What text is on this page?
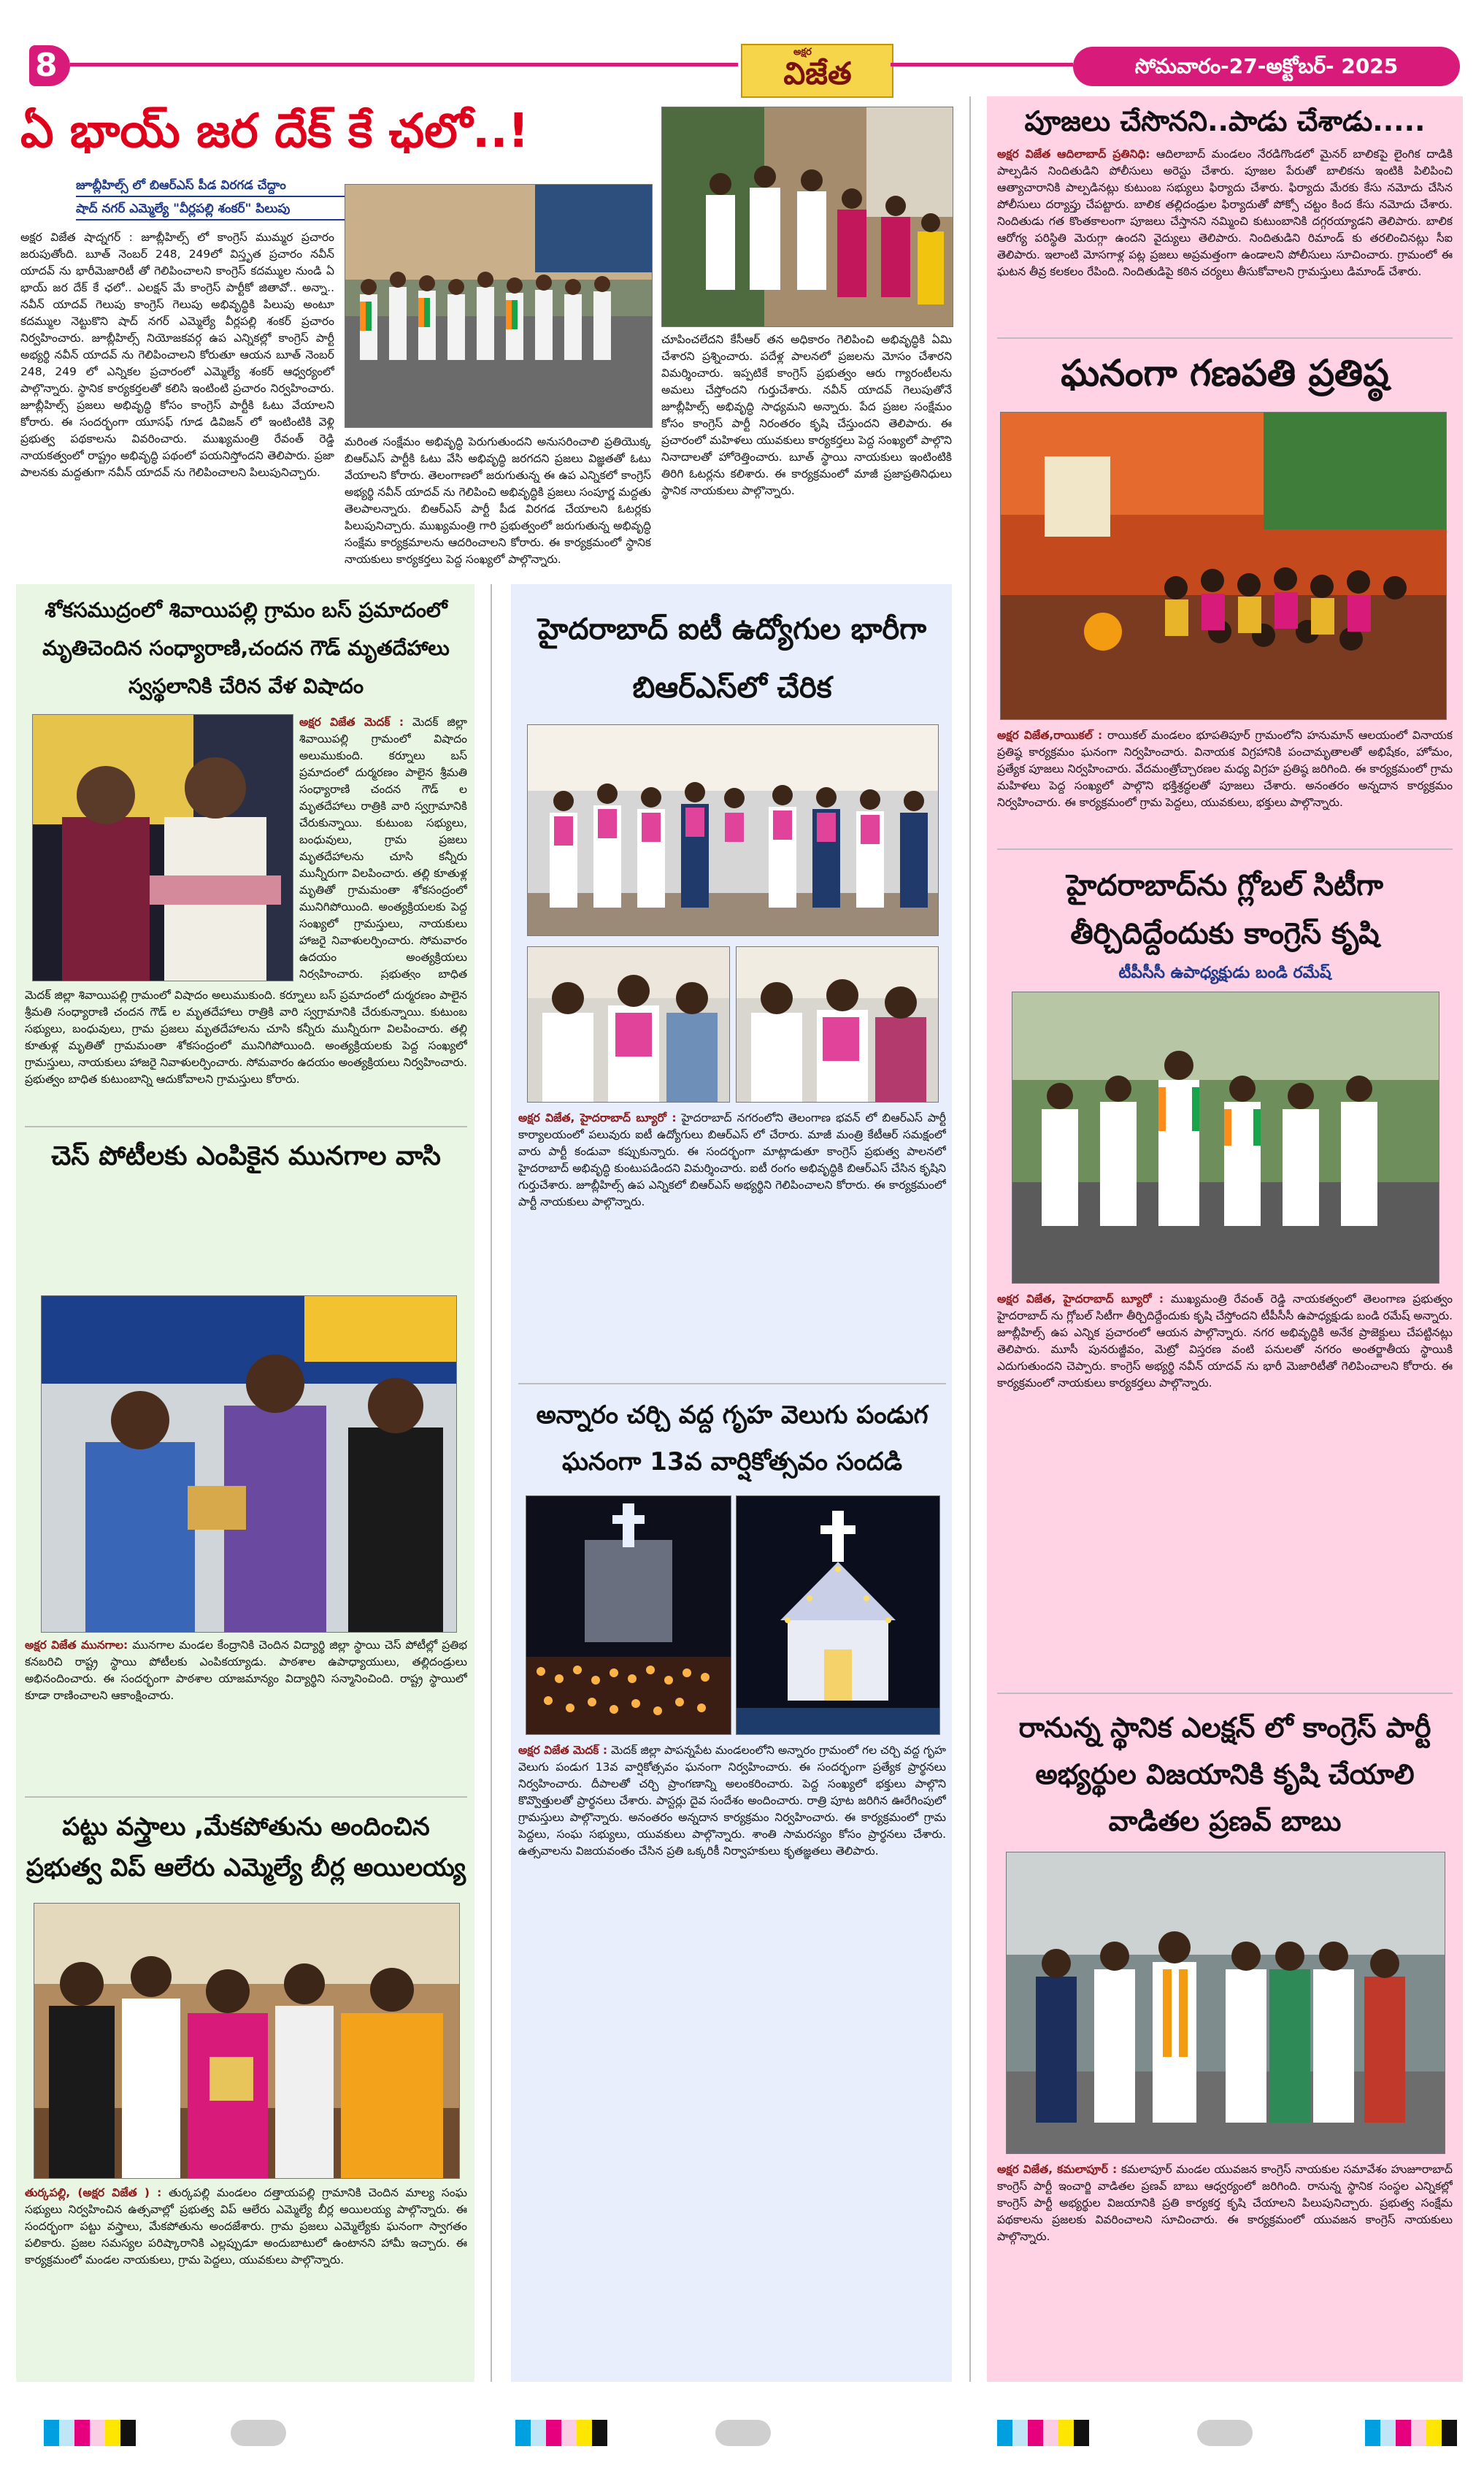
8	అక్షర
విజేత	సోమవారం-27-అక్టోబర్- 2025
ఏ భాయ్ జర దేక్ కే ఛలో..!
జూబ్లీహిల్స్ లో బిఆర్ఎస్ పీడ విరగడ చేద్దాం
షాద్ నగర్ ఎమ్మెల్యే "వీర్లపల్లి శంకర్" పిలుపు
అక్షర విజేత షాద్నగర్ : జూబ్లీహిల్స్ లో కాంగ్రెస్ ముమ్మర ప్రచారం జరుపుతోంది. బూత్ నెంబర్ 248, 249లో విస్తృత ప్రచారం నవీన్ యాదవ్ ను భారీమెజారిటీ తో గెలిపించాలని కాంగ్రెస్ కదమ్ముల నుండి ఏ భాయ్ జర దేక్ కే ఛలో.. ఎలక్షన్ మే కాంగ్రెస్ పార్టీకో జితావో.. అన్నా.. నవీన్ యాదవ్ గెలుపు కాంగ్రెస్ గెలుపు అభివృద్ధికి పిలుపు అంటూ కదమ్ముల నెట్టుకొని షాద్ నగర్ ఎమ్మెల్యే వీర్లపల్లి శంకర్ ప్రచారం నిర్వహించారు. జూబ్లీహిల్స్ నియోజకవర్గ ఉప ఎన్నికల్లో కాంగ్రెస్ పార్టీ అభ్యర్థి నవీన్ యాదవ్ ను గెలిపించాలని కోరుతూ ఆయన బూత్ నెంబర్ 248, 249 లో ఎన్నికల ప్రచారంలో ఎమ్మెల్యే శంకర్ ఆధ్వర్యంలో పాల్గొన్నారు. స్థానిక కార్యకర్తలతో కలిసి ఇంటింటి ప్రచారం నిర్వహించారు. జూబ్లీహిల్స్ ప్రజలు అభివృద్ధి కోసం కాంగ్రెస్ పార్టీకి ఓటు వేయాలని కోరారు. ఈ సందర్భంగా యూసఫ్ గూడ డివిజన్ లో ఇంటింటికి వెళ్లి ప్రభుత్వ పథకాలను వివరించారు. ముఖ్యమంత్రి రేవంత్ రెడ్డి నాయకత్వంలో రాష్ట్రం అభివృద్ధి పథంలో పయనిస్తోందని తెలిపారు. ప్రజా పాలనకు మద్దతుగా నవీన్ యాదవ్ ను గెలిపించాలని పిలుపునిచ్చారు.
మరింత సంక్షేమం అభివృద్ధి పెరుగుతుందని అనుసరించాలి ప్రతియొక్క బిఆర్ఎస్ పార్టీకి ఓటు వేసి అభివృద్ధి జరగదని ప్రజలు విజ్ఞతతో ఓటు వేయాలని కోరారు. తెలంగాణలో జరుగుతున్న ఈ ఉప ఎన్నికలో కాంగ్రెస్ అభ్యర్థి నవీన్ యాదవ్ ను గెలిపించి అభివృద్ధికి ప్రజలు సంపూర్ణ మద్దతు తెలపాలన్నారు. బిఆర్ఎస్ పార్టీ పీడ విరగడ చేయాలని ఓటర్లకు పిలుపునిచ్చారు. ముఖ్యమంత్రి గారి ప్రభుత్వంలో జరుగుతున్న అభివృద్ధి సంక్షేమ కార్యక్రమాలను ఆదరించాలని కోరారు. ఈ కార్యక్రమంలో స్థానిక నాయకులు కార్యకర్తలు పెద్ద సంఖ్యలో పాల్గొన్నారు.
చూపించలేదని కేసీఆర్ తన అధికారం గెలిపించి అభివృద్ధికి ఏమి చేశారని ప్రశ్నించారు. పదేళ్ల పాలనలో ప్రజలను మోసం చేశారని విమర్శించారు. ఇప్పటికే కాంగ్రెస్ ప్రభుత్వం ఆరు గ్యారంటీలను అమలు చేస్తోందని గుర్తుచేశారు. నవీన్ యాదవ్ గెలుపుతోనే జూబ్లీహిల్స్ అభివృద్ధి సాధ్యమని అన్నారు. పేద ప్రజల సంక్షేమం కోసం కాంగ్రెస్ పార్టీ నిరంతరం కృషి చేస్తుందని తెలిపారు. ఈ ప్రచారంలో మహిళలు యువకులు కార్యకర్తలు పెద్ద సంఖ్యలో పాల్గొని నినాదాలతో హోరెత్తించారు. బూత్ స్థాయి నాయకులు ఇంటింటికి తిరిగి ఓటర్లను కలిశారు. ఈ కార్యక్రమంలో మాజీ ప్రజాప్రతినిధులు స్థానిక నాయకులు పాల్గొన్నారు.
పూజలు చేసొనని..పాడు చేశాడు.....
అక్షర విజేత ఆదిలాబాద్ ప్రతినిధి: ఆదిలాబాద్ మండలం నేరడిగొండలో మైనర్ బాలికపై లైంగిక దాడికి పాల్పడిన నిందితుడిని పోలీసులు అరెస్టు చేశారు. పూజల పేరుతో బాలికను ఇంటికి పిలిపించి ఆత్యాచారానికి పాల్పడినట్లు కుటుంబ సభ్యులు ఫిర్యాదు చేశారు. ఫిర్యాదు మేరకు కేసు నమోదు చేసిన పోలీసులు దర్యాప్తు చేపట్టారు. బాలిక తల్లిదండ్రుల ఫిర్యాదుతో పోక్సో చట్టం కింద కేసు నమోదు చేశారు. నిందితుడు గత కొంతకాలంగా పూజలు చేస్తానని నమ్మించి కుటుంబానికి దగ్గరయ్యాడని తెలిపారు. బాలిక ఆరోగ్య పరిస్థితి మెరుగ్గా ఉందని వైద్యులు తెలిపారు. నిందితుడిని రిమాండ్ కు తరలించినట్లు సీఐ తెలిపారు. ఇలాంటి మోసగాళ్ల పట్ల ప్రజలు అప్రమత్తంగా ఉండాలని పోలీసులు సూచించారు. గ్రామంలో ఈ ఘటన తీవ్ర కలకలం రేపింది. నిందితుడిపై కఠిన చర్యలు తీసుకోవాలని గ్రామస్తులు డిమాండ్ చేశారు.
ఘనంగా గణపతి ప్రతిష్ఠ
అక్షర విజేత,రాయికల్ : రాయికల్ మండలం భూపతిపూర్ గ్రామంలోని హనుమాన్ ఆలయంలో వినాయక ప్రతిష్ఠ కార్యక్రమం ఘనంగా నిర్వహించారు. వినాయక విగ్రహానికి పంచామృతాలతో అభిషేకం, హోమం, ప్రత్యేక పూజలు నిర్వహించారు. వేదమంత్రోచ్చారణల మధ్య విగ్రహ ప్రతిష్ఠ జరిగింది. ఈ కార్యక్రమంలో గ్రామ మహిళలు పెద్ద సంఖ్యలో పాల్గొని భక్తిశ్రద్ధలతో పూజలు చేశారు. అనంతరం అన్నదాన కార్యక్రమం నిర్వహించారు. ఈ కార్యక్రమంలో గ్రామ పెద్దలు, యువకులు, భక్తులు పాల్గొన్నారు.
హైదరాబాద్‌ను గ్లోబల్ సిటీగా తీర్చిదిద్దేందుకు కాంగ్రెస్ కృషి
టీపీసీసీ ఉపాధ్యక్షుడు బండి రమేష్
అక్షర విజేత, హైదరాబాద్ బ్యూరో : ముఖ్యమంత్రి రేవంత్ రెడ్డి నాయకత్వంలో తెలంగాణ ప్రభుత్వం హైదరాబాద్ ను గ్లోబల్ సిటీగా తీర్చిదిద్దేందుకు కృషి చేస్తోందని టీపీసీసీ ఉపాధ్యక్షుడు బండి రమేష్ అన్నారు. జూబ్లీహిల్స్ ఉప ఎన్నిక ప్రచారంలో ఆయన పాల్గొన్నారు. నగర అభివృద్ధికి అనేక ప్రాజెక్టులు చేపట్టినట్లు తెలిపారు. మూసీ పునరుజ్జీవం, మెట్రో విస్తరణ వంటి పనులతో నగరం అంతర్జాతీయ స్థాయికి ఎదుగుతుందని చెప్పారు. కాంగ్రెస్ అభ్యర్థి నవీన్ యాదవ్ ను భారీ మెజారిటీతో గెలిపించాలని కోరారు. ఈ కార్యక్రమంలో నాయకులు కార్యకర్తలు పాల్గొన్నారు.
రానున్న స్థానిక ఎలక్షన్ లో కాంగ్రెస్ పార్టీ అభ్యర్థుల విజయానికి కృషి చేయాలి
వాడితల ప్రణవ్ బాబు
అక్షర విజేత, కమలాపూర్ : కమలాపూర్ మండల యువజన కాంగ్రెస్ నాయకుల సమావేశం హుజూరాబాద్ కాంగ్రెస్ పార్టీ ఇంచార్జి వాడితల ప్రణవ్ బాబు ఆధ్వర్యంలో జరిగింది. రానున్న స్థానిక సంస్థల ఎన్నికల్లో కాంగ్రెస్ పార్టీ అభ్యర్థుల విజయానికి ప్రతి కార్యకర్త కృషి చేయాలని పిలుపునిచ్చారు. ప్రభుత్వ సంక్షేమ పథకాలను ప్రజలకు వివరించాలని సూచించారు. ఈ కార్యక్రమంలో యువజన కాంగ్రెస్ నాయకులు పాల్గొన్నారు.
శోకసముద్రంలో శివాయిపల్లి గ్రామం బస్ ప్రమాదంలో మృతిచెందిన సంధ్యారాణి,చందన గౌడ్ మృతదేహాలు స్వస్థలానికి చేరిన వేళ విషాదం
అక్షర విజేత మెదక్ : మెదక్ జిల్లా శివాయిపల్లి గ్రామంలో విషాదం అలుముకుంది. కర్నూలు బస్ ప్రమాదంలో దుర్మరణం పాలైన శ్రీమతి సంధ్యారాణి చందన గౌడ్ ల మృతదేహాలు రాత్రికి వారి స్వగ్రామానికి చేరుకున్నాయి. కుటుంబ సభ్యులు, బంధువులు, గ్రామ ప్రజలు మృతదేహాలను చూసి కన్నీరు మున్నీరుగా విలపించారు. తల్లి కూతుళ్ల మృతితో గ్రామమంతా శోకసంద్రంలో మునిగిపోయింది. అంత్యక్రియలకు పెద్ద సంఖ్యలో గ్రామస్తులు, నాయకులు హాజరై నివాళులర్పించారు. సోమవారం ఉదయం అంత్యక్రియలు నిర్వహించారు. ప్రభుత్వం బాధిత
మెదక్ జిల్లా శివాయిపల్లి గ్రామంలో విషాదం అలుముకుంది. కర్నూలు బస్ ప్రమాదంలో దుర్మరణం పాలైన శ్రీమతి సంధ్యారాణి చందన గౌడ్ ల మృతదేహాలు రాత్రికి వారి స్వగ్రామానికి చేరుకున్నాయి. కుటుంబ సభ్యులు, బంధువులు, గ్రామ ప్రజలు మృతదేహాలను చూసి కన్నీరు మున్నీరుగా విలపించారు. తల్లి కూతుళ్ల మృతితో గ్రామమంతా శోకసంద్రంలో మునిగిపోయింది. అంత్యక్రియలకు పెద్ద సంఖ్యలో గ్రామస్తులు, నాయకులు హాజరై నివాళులర్పించారు. సోమవారం ఉదయం అంత్యక్రియలు నిర్వహించారు. ప్రభుత్వం బాధిత కుటుంబాన్ని ఆదుకోవాలని గ్రామస్తులు కోరారు.
చెస్ పోటీలకు ఎంపికైన మునగాల వాసి
అక్షర విజేత మునగాల: మునగాల మండల కేంద్రానికి చెందిన విద్యార్థి జిల్లా స్థాయి చెస్ పోటీల్లో ప్రతిభ కనబరిచి రాష్ట్ర స్థాయి పోటీలకు ఎంపికయ్యాడు. పాఠశాల ఉపాధ్యాయులు, తల్లిదండ్రులు అభినందించారు. ఈ సందర్భంగా పాఠశాల యాజమాన్యం విద్యార్థిని సన్మానించింది. రాష్ట్ర స్థాయిలో కూడా రాణించాలని ఆకాంక్షించారు.
పట్టు వస్త్రాలు ,మేకపోతును అందించిన ప్రభుత్వ విప్ ఆలేరు ఎమ్మెల్యే బీర్ల అయిలయ్య
తుర్కపల్లి, (అక్షర విజేత ) : తుర్కపల్లి మండలం దత్తాయపల్లి గ్రామానికి చెందిన మాల్య సంఘ సభ్యులు నిర్వహించిన ఉత్సవాల్లో ప్రభుత్వ విప్ ఆలేరు ఎమ్మెల్యే బీర్ల అయిలయ్య పాల్గొన్నారు. ఈ సందర్భంగా పట్టు వస్త్రాలు, మేకపోతును అందజేశారు. గ్రామ ప్రజలు ఎమ్మెల్యేకు ఘనంగా స్వాగతం పలికారు. ప్రజల సమస్యల పరిష్కారానికి ఎల్లప్పుడూ అందుబాటులో ఉంటానని హామీ ఇచ్చారు. ఈ కార్యక్రమంలో మండల నాయకులు, గ్రామ పెద్దలు, యువకులు పాల్గొన్నారు.
హైదరాబాద్ ఐటీ ఉద్యోగుల భారీగా బిఆర్ఎస్‌లో చేరిక
అక్షర విజేత, హైదరాబాద్ బ్యూరో : హైదరాబాద్ నగరంలోని తెలంగాణ భవన్ లో బిఆర్ఎస్ పార్టీ కార్యాలయంలో పలువురు ఐటీ ఉద్యోగులు బిఆర్ఎస్ లో చేరారు. మాజీ మంత్రి కేటీఆర్ సమక్షంలో వారు పార్టీ కండువా కప్పుకున్నారు. ఈ సందర్భంగా మాట్లాడుతూ కాంగ్రెస్ ప్రభుత్వ పాలనలో హైదరాబాద్ అభివృద్ధి కుంటుపడిందని విమర్శించారు. ఐటీ రంగం అభివృద్ధికి బిఆర్ఎస్ చేసిన కృషిని గుర్తుచేశారు. జూబ్లీహిల్స్ ఉప ఎన్నికలో బిఆర్ఎస్ అభ్యర్థిని గెలిపించాలని కోరారు. ఈ కార్యక్రమంలో పార్టీ నాయకులు పాల్గొన్నారు.
అన్నారం చర్చి వద్ద గృహ వెలుగు పండుగ ఘనంగా 13వ వార్షికోత్సవం సందడి
అక్షర విజేత మెదక్ : మెదక్ జిల్లా పాపన్నపేట మండలంలోని అన్నారం గ్రామంలో గల చర్చి వద్ద గృహ వెలుగు పండుగ 13వ వార్షికోత్సవం ఘనంగా నిర్వహించారు. ఈ సందర్భంగా ప్రత్యేక ప్రార్థనలు నిర్వహించారు. దీపాలతో చర్చి ప్రాంగణాన్ని అలంకరించారు. పెద్ద సంఖ్యలో భక్తులు పాల్గొని కొవ్వొత్తులతో ప్రార్థనలు చేశారు. పాస్టర్లు దైవ సందేశం అందించారు. రాత్రి పూట జరిగిన ఊరేగింపులో గ్రామస్తులు పాల్గొన్నారు. అనంతరం అన్నదాన కార్యక్రమం నిర్వహించారు. ఈ కార్యక్రమంలో గ్రామ పెద్దలు, సంఘ సభ్యులు, యువకులు పాల్గొన్నారు. శాంతి సామరస్యం కోసం ప్రార్థనలు చేశారు. ఉత్సవాలను విజయవంతం చేసిన ప్రతి ఒక్కరికీ నిర్వాహకులు కృతజ్ఞతలు తెలిపారు.
